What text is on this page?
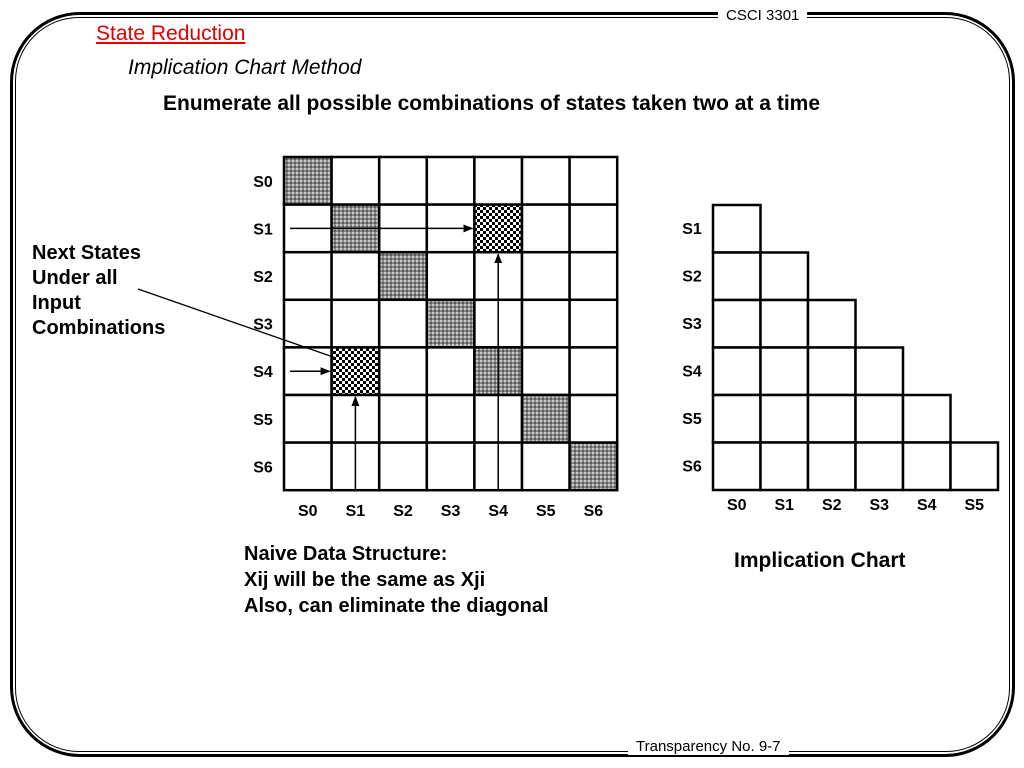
CSCI 3301
Transparency No. 9-7
State Reduction
Implication Chart Method
Enumerate all possible combinations of states taken two at a time
Next States
Under all
Input
Combinations
Naive Data Structure:
Xij will be the same as Xji
Also, can eliminate the diagonal
Implication Chart
S0
S1
S2
S3
S4
S5
S6
S0 S1 S2 S3 S4 S5 S6
S1
S2
S3
S4
S5
S6
S0 S1 S2 S3 S4 S5
